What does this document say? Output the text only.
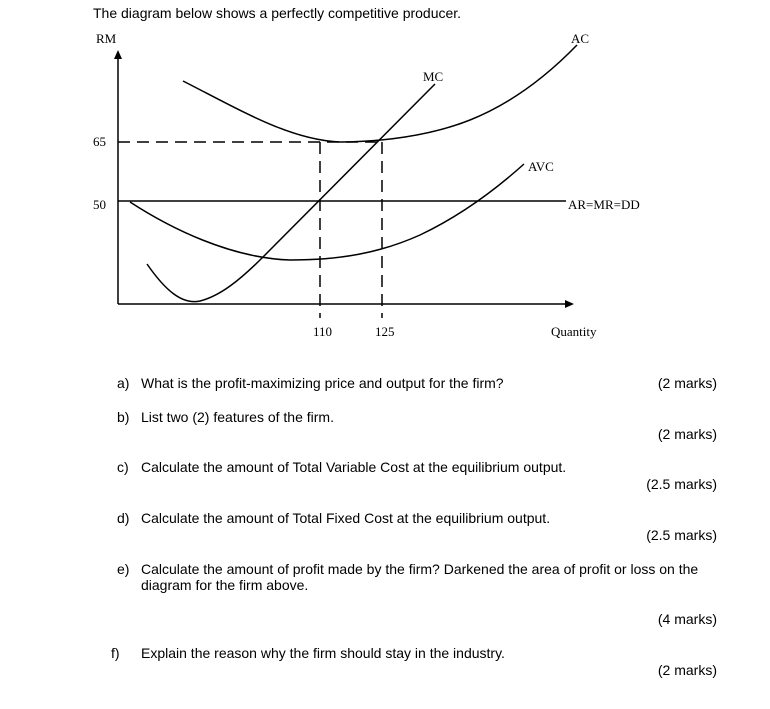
The diagram below shows a perfectly competitive producer.
RM
Quantity
65
50
110	125
AR=MR=DD
MC
AVC
AC
a) What is the profit-maximizing price and output for the firm?	(2 marks)
b) List two (2) features of the firm.
(2 marks)
c) Calculate the amount of Total Variable Cost at the equilibrium output.
(2.5 marks)
d) Calculate the amount of Total Fixed Cost at the equilibrium output.
(2.5 marks)
e) Calculate the amount of profit made by the firm? Darkened the area of profit or loss on the diagram for the firm above.
(4 marks)
f) Explain the reason why the firm should stay in the industry.
(2 marks)
